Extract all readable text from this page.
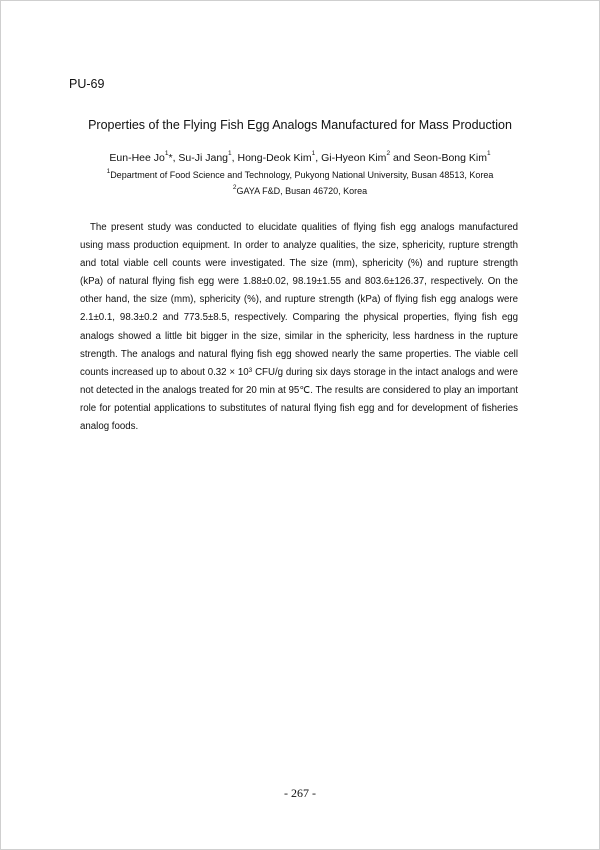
PU-69
Properties of the Flying Fish Egg Analogs Manufactured for Mass Production
Eun-Hee Jo$^1$*, Su-Ji Jang$^1$, Hong-Deok Kim$^1$, Gi-Hyeon Kim$^2$ and Seon-Bong Kim$^1$
$^1$Department of Food Science and Technology, Pukyong National University, Busan 48513, Korea
$^2$GAYA F&D, Busan 46720, Korea

The present study was conducted to elucidate qualities of flying fish egg analogs manufactured using mass production equipment. In order to analyze qualities, the size, sphericity, rupture strength and total viable cell counts were investigated. The size (mm), sphericity (%) and rupture strength (kPa) of natural flying fish egg were 1.88±0.02, 98.19±1.55 and 803.6±126.37, respectively. On the other hand, the size (mm), sphericity (%), and rupture strength (kPa) of flying fish egg analogs were 2.1±0.1, 98.3±0.2 and 773.5±8.5, respectively. Comparing the physical properties, flying fish egg analogs showed a little bit bigger in the size, similar in the sphericity, less hardness in the rupture strength. The analogs and natural flying fish egg showed nearly the same properties. The viable cell counts increased up to about $0.32 \times 10^3$ CFU/g during six days storage in the intact analogs and were not detected in the analogs treated for 20 min at 95℃. The results are considered to play an important role for potential applications to substitutes of natural flying fish egg and for development of fisheries analog foods.

- 267 -
